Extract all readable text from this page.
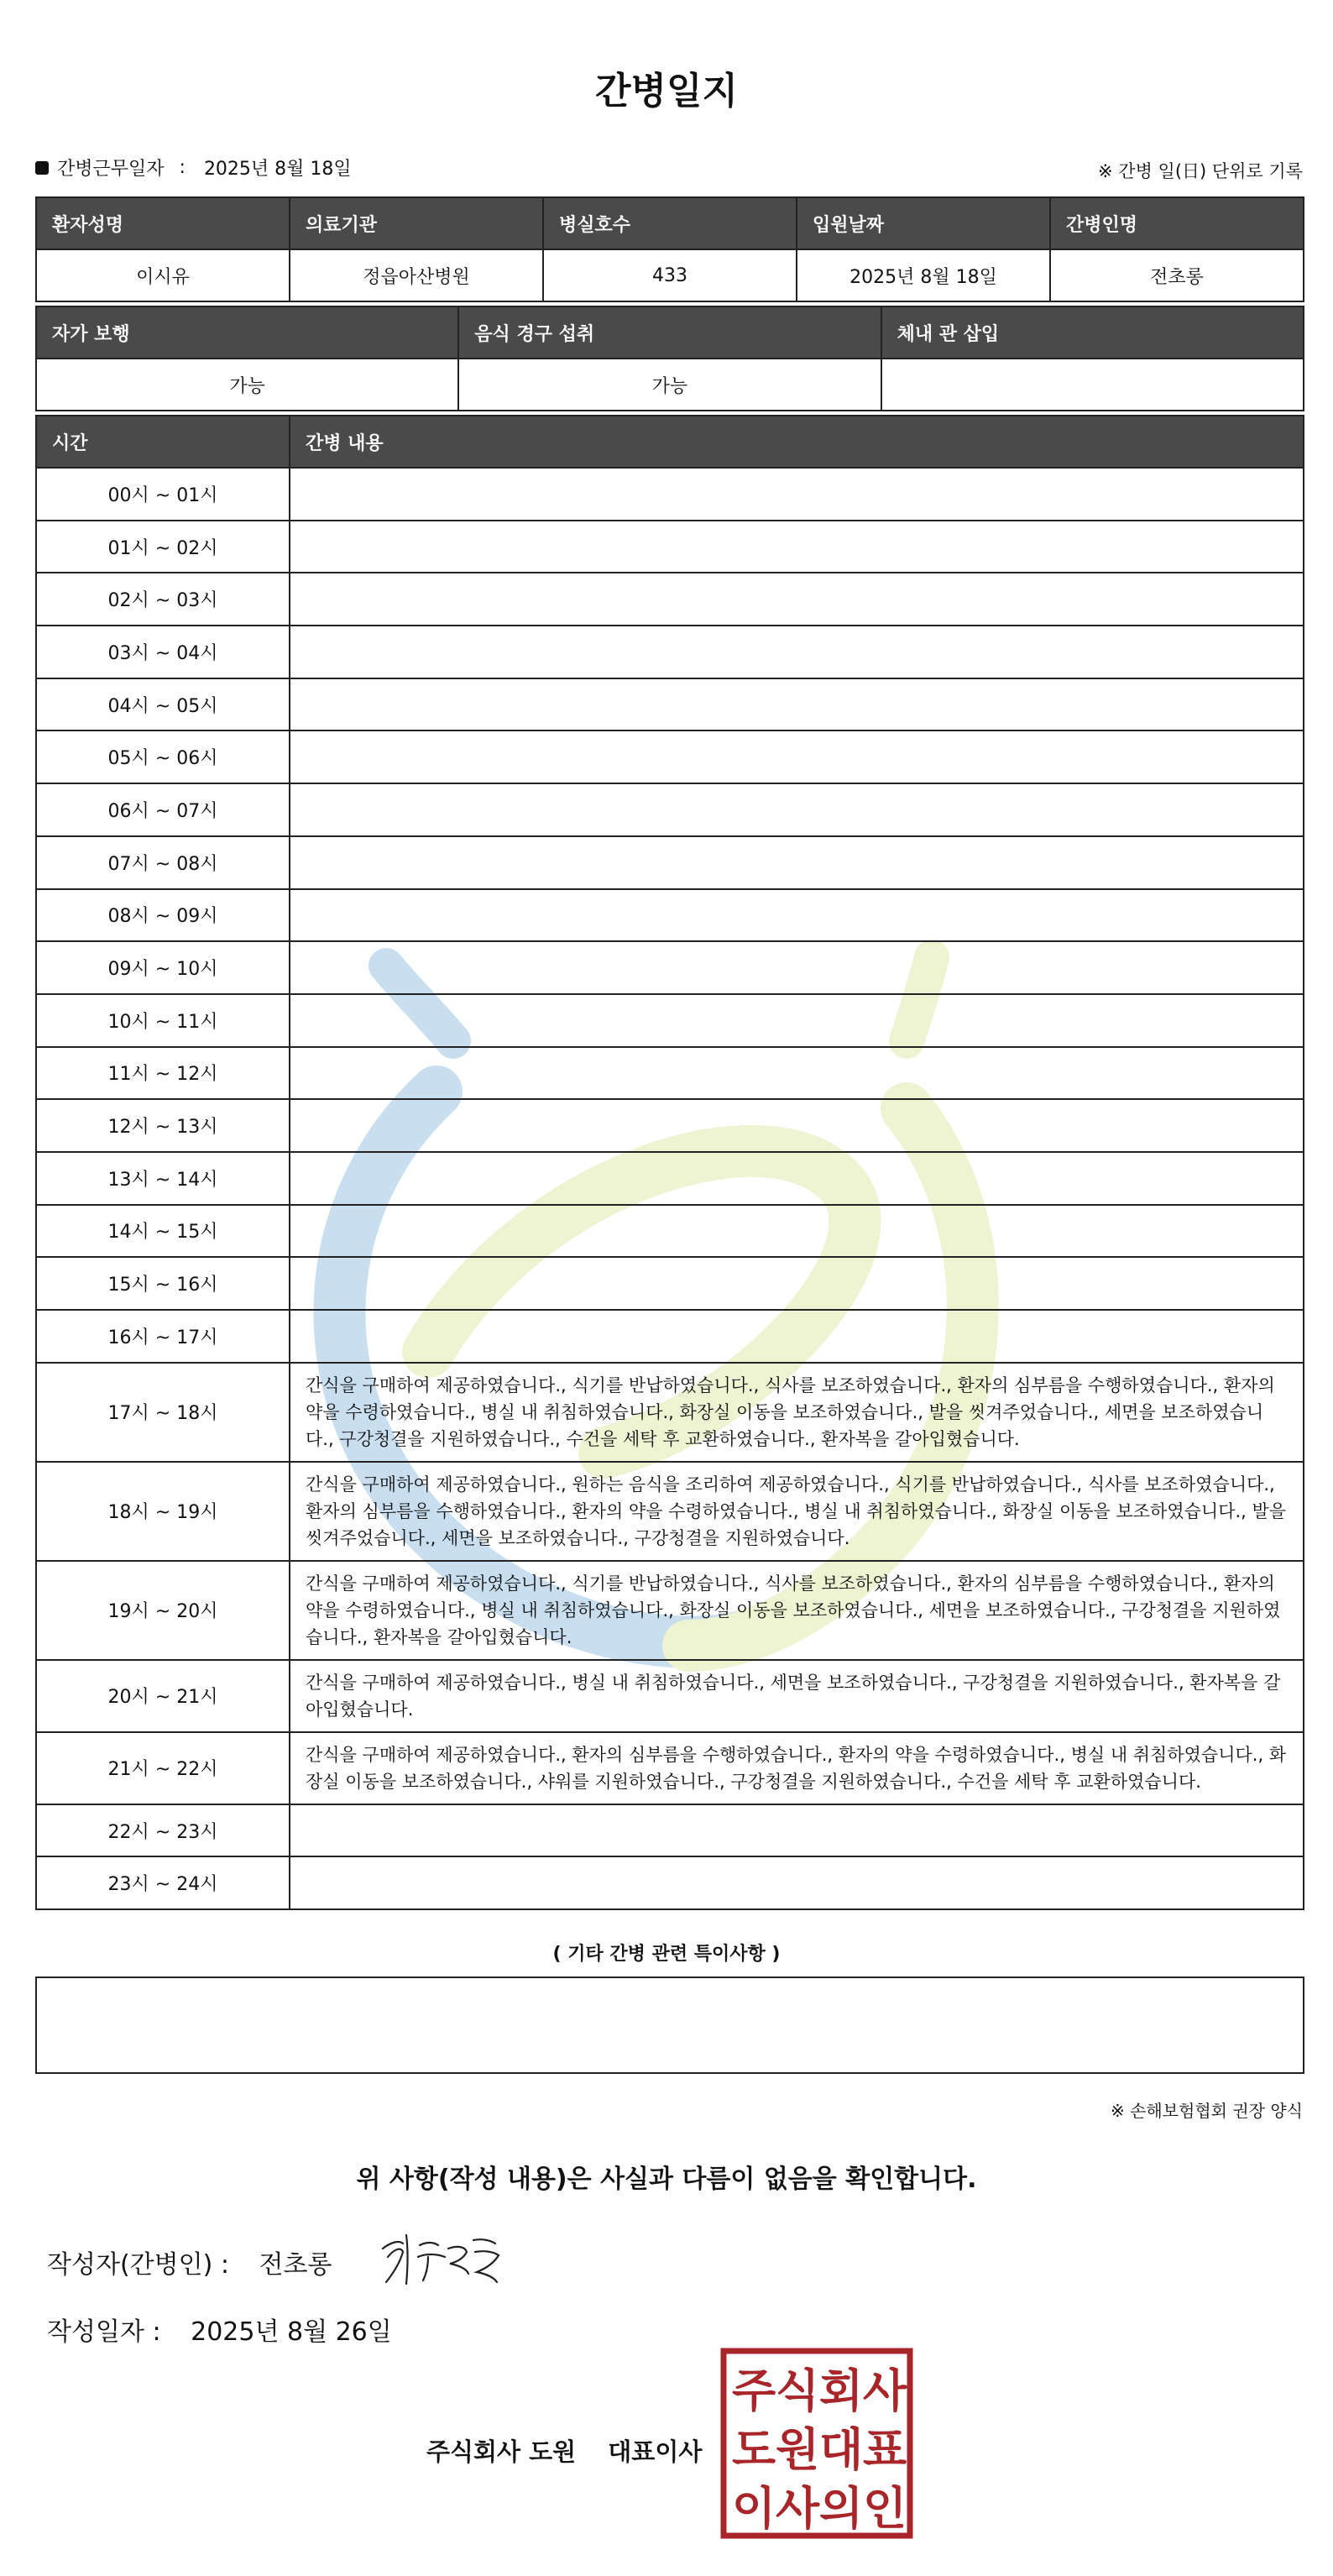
간병일지
간병근무일자 : 2025년 8월 18일	※ 간병 일(日) 단위로 기록
환자성명	의료기관	병실호수	입원날짜	간병인명
이시유	정읍아산병원	433	2025년 8월 18일	전초롱
자가 보행	음식 경구 섭취	체내 관 삽입
가능	가능	
시간	간병 내용
00시 ~ 01시	
01시 ~ 02시	
02시 ~ 03시	
03시 ~ 04시	
04시 ~ 05시	
05시 ~ 06시	
06시 ~ 07시	
07시 ~ 08시	
08시 ~ 09시	
09시 ~ 10시	
10시 ~ 11시	
11시 ~ 12시	
12시 ~ 13시	
13시 ~ 14시	
14시 ~ 15시	
15시 ~ 16시	
16시 ~ 17시	
17시 ~ 18시	간식을 구매하여 제공하였습니다., 식기를 반납하였습니다., 식사를 보조하였습니다., 환자의 심부름을 수행하였습니다., 환자의 약을 수령하였습니다., 병실 내 취침하였습니다., 화장실 이동을 보조하였습니다., 발을 씻겨주었습니다., 세면을 보조하였습니다., 구강청결을 지원하였습니다., 수건을 세탁 후 교환하였습니다., 환자복을 갈아입혔습니다.
18시 ~ 19시	간식을 구매하여 제공하였습니다., 원하는 음식을 조리하여 제공하였습니다., 식기를 반납하였습니다., 식사를 보조하였습니다., 환자의 심부름을 수행하였습니다., 환자의 약을 수령하였습니다., 병실 내 취침하였습니다., 화장실 이동을 보조하였습니다., 발을 씻겨주었습니다., 세면을 보조하였습니다., 구강청결을 지원하였습니다.
19시 ~ 20시	간식을 구매하여 제공하였습니다., 식기를 반납하였습니다., 식사를 보조하였습니다., 환자의 심부름을 수행하였습니다., 환자의 약을 수령하였습니다., 병실 내 취침하였습니다., 화장실 이동을 보조하였습니다., 세면을 보조하였습니다., 구강청결을 지원하였습니다., 환자복을 갈아입혔습니다.
20시 ~ 21시	간식을 구매하여 제공하였습니다., 병실 내 취침하였습니다., 세면을 보조하였습니다., 구강청결을 지원하였습니다., 환자복을 갈아입혔습니다.
21시 ~ 22시	간식을 구매하여 제공하였습니다., 환자의 심부름을 수행하였습니다., 환자의 약을 수령하였습니다., 병실 내 취침하였습니다., 화장실 이동을 보조하였습니다., 샤워를 지원하였습니다., 구강청결을 지원하였습니다., 수건을 세탁 후 교환하였습니다.
22시 ~ 23시	
23시 ~ 24시	
( 기타 간병 관련 특이사항 )
※ 손해보험협회 권장 양식
위 사항(작성 내용)은 사실과 다름이 없음을 확인합니다.
작성자(간병인) : 전초롱
작성일자 : 2025년 8월 26일
주식회사 도원 대표이사
주 식 회 사
도 원 대 표
이 사 의 인
